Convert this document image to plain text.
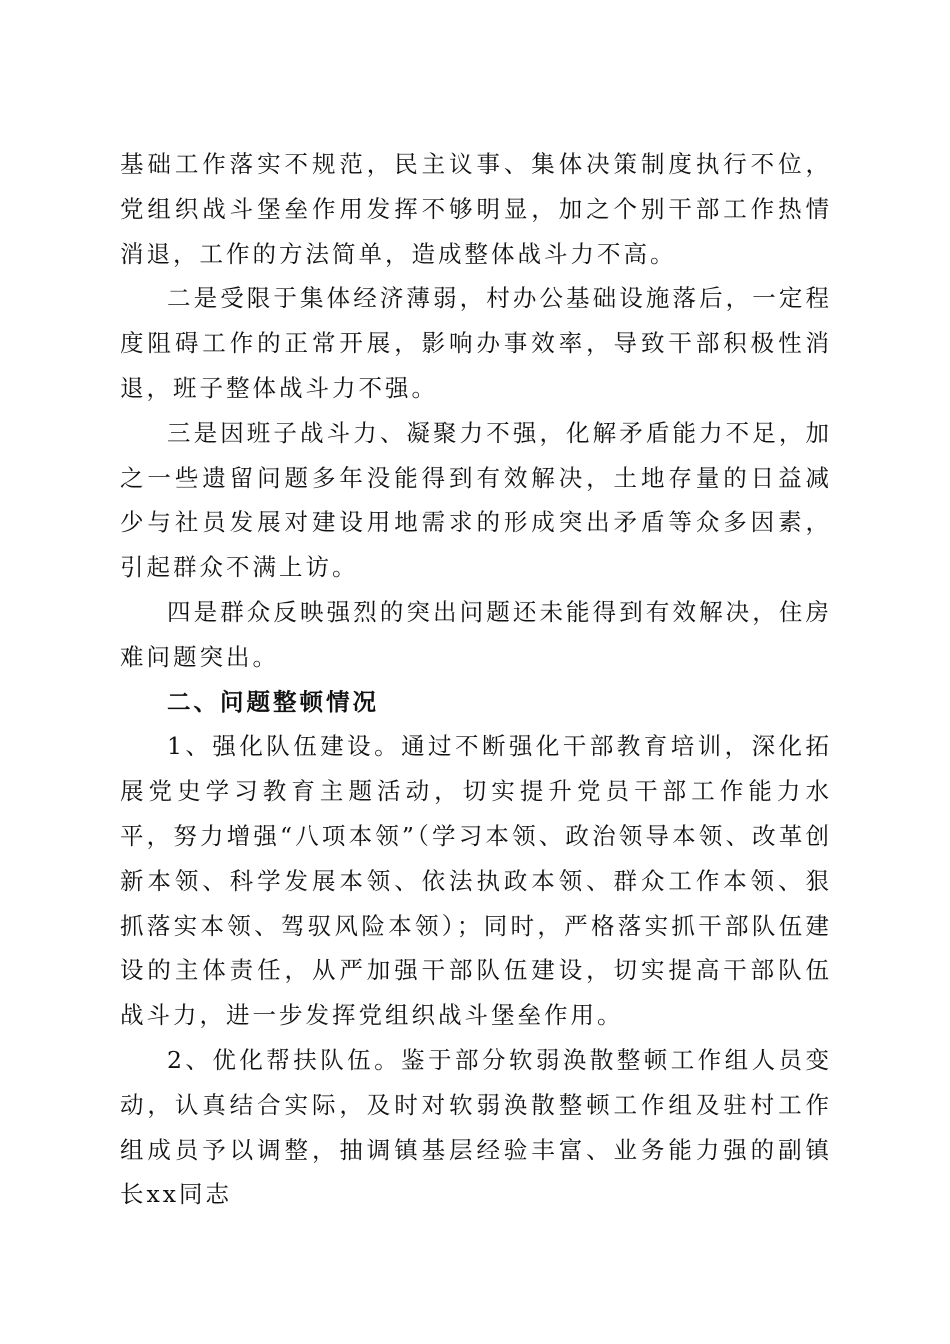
基础工作落实不规范，民主议事、集体决策制度执行不位，党组织战斗堡垒作用发挥不够明显，加之个别干部工作热情消退，工作的方法简单，造成整体战斗力不高。

二是受限于集体经济薄弱，村办公基础设施落后，一定程度阻碍工作的正常开展，影响办事效率，导致干部积极性消退，班子整体战斗力不强。

三是因班子战斗力、凝聚力不强，化解矛盾能力不足，加之一些遗留问题多年没能得到有效解决，土地存量的日益减少与社员发展对建设用地需求的形成突出矛盾等众多因素，引起群众不满上访。

四是群众反映强烈的突出问题还未能得到有效解决，住房难问题突出。

二、问题整顿情况

1、强化队伍建设。通过不断强化干部教育培训，深化拓展党史学习教育主题活动，切实提升党员干部工作能力水平，努力增强“八项本领”（学习本领、政治领导本领、改革创新本领、科学发展本领、依法执政本领、群众工作本领、狠抓落实本领、驾驭风险本领）；同时，严格落实抓干部队伍建设的主体责任，从严加强干部队伍建设，切实提高干部队伍战斗力，进一步发挥党组织战斗堡垒作用。

2、优化帮扶队伍。鉴于部分软弱涣散整顿工作组人员变动，认真结合实际，及时对软弱涣散整顿工作组及驻村工作组成员予以调整，抽调镇基层经验丰富、业务能力强的副镇长xx同志
